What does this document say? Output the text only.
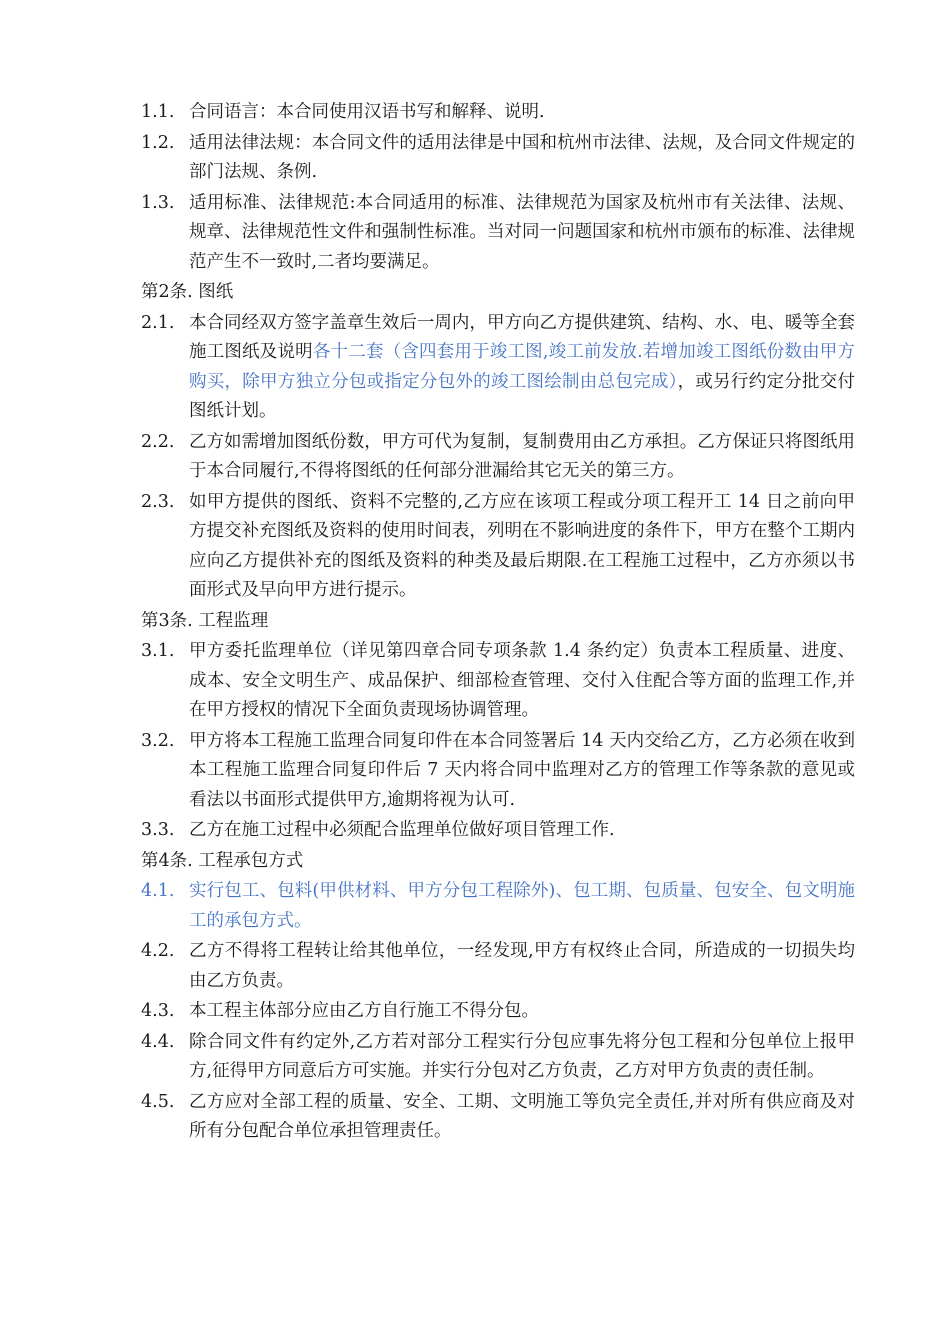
1.1. 合同语言：本合同使用汉语书写和解释、说明.
1.2. 适用法律法规：本合同文件的适用法律是中国和杭州市法律、法规，及合同文件规定的部门法规、条例.
1.3. 适用标准、法律规范:本合同适用的标准、法律规范为国家及杭州市有关法律、法规、规章、法律规范性文件和强制性标准。当对同一问题国家和杭州市颁布的标准、法律规范产生不一致时,二者均要满足。
第2条. 图纸
2.1. 本合同经双方签字盖章生效后一周内，甲方向乙方提供建筑、结构、水、电、暖等全套施工图纸及说明各十二套（含四套用于竣工图,竣工前发放.若增加竣工图纸份数由甲方购买，除甲方独立分包或指定分包外的竣工图绘制由总包完成），或另行约定分批交付图纸计划。
2.2. 乙方如需增加图纸份数，甲方可代为复制，复制费用由乙方承担。乙方保证只将图纸用于本合同履行,不得将图纸的任何部分泄漏给其它无关的第三方。
2.3. 如甲方提供的图纸、资料不完整的,乙方应在该项工程或分项工程开工 14 日之前向甲方提交补充图纸及资料的使用时间表，列明在不影响进度的条件下，甲方在整个工期内应向乙方提供补充的图纸及资料的种类及最后期限.在工程施工过程中，乙方亦须以书面形式及早向甲方进行提示。
第3条. 工程监理
3.1. 甲方委托监理单位（详见第四章合同专项条款 1.4 条约定）负责本工程质量、进度、成本、安全文明生产、成品保护、细部检查管理、交付入住配合等方面的监理工作,并在甲方授权的情况下全面负责现场协调管理。
3.2. 甲方将本工程施工监理合同复印件在本合同签署后 14 天内交给乙方，乙方必须在收到本工程施工监理合同复印件后 7 天内将合同中监理对乙方的管理工作等条款的意见或看法以书面形式提供甲方,逾期将视为认可.
3.3. 乙方在施工过程中必须配合监理单位做好项目管理工作.
第4条. 工程承包方式
4.1. 实行包工、包料(甲供材料、甲方分包工程除外)、包工期、包质量、包安全、包文明施工的承包方式。
4.2. 乙方不得将工程转让给其他单位，一经发现,甲方有权终止合同，所造成的一切损失均由乙方负责。
4.3. 本工程主体部分应由乙方自行施工不得分包。
4.4. 除合同文件有约定外,乙方若对部分工程实行分包应事先将分包工程和分包单位上报甲方,征得甲方同意后方可实施。并实行分包对乙方负责，乙方对甲方负责的责任制。
4.5. 乙方应对全部工程的质量、安全、工期、文明施工等负完全责任,并对所有供应商及对所有分包配合单位承担管理责任。
